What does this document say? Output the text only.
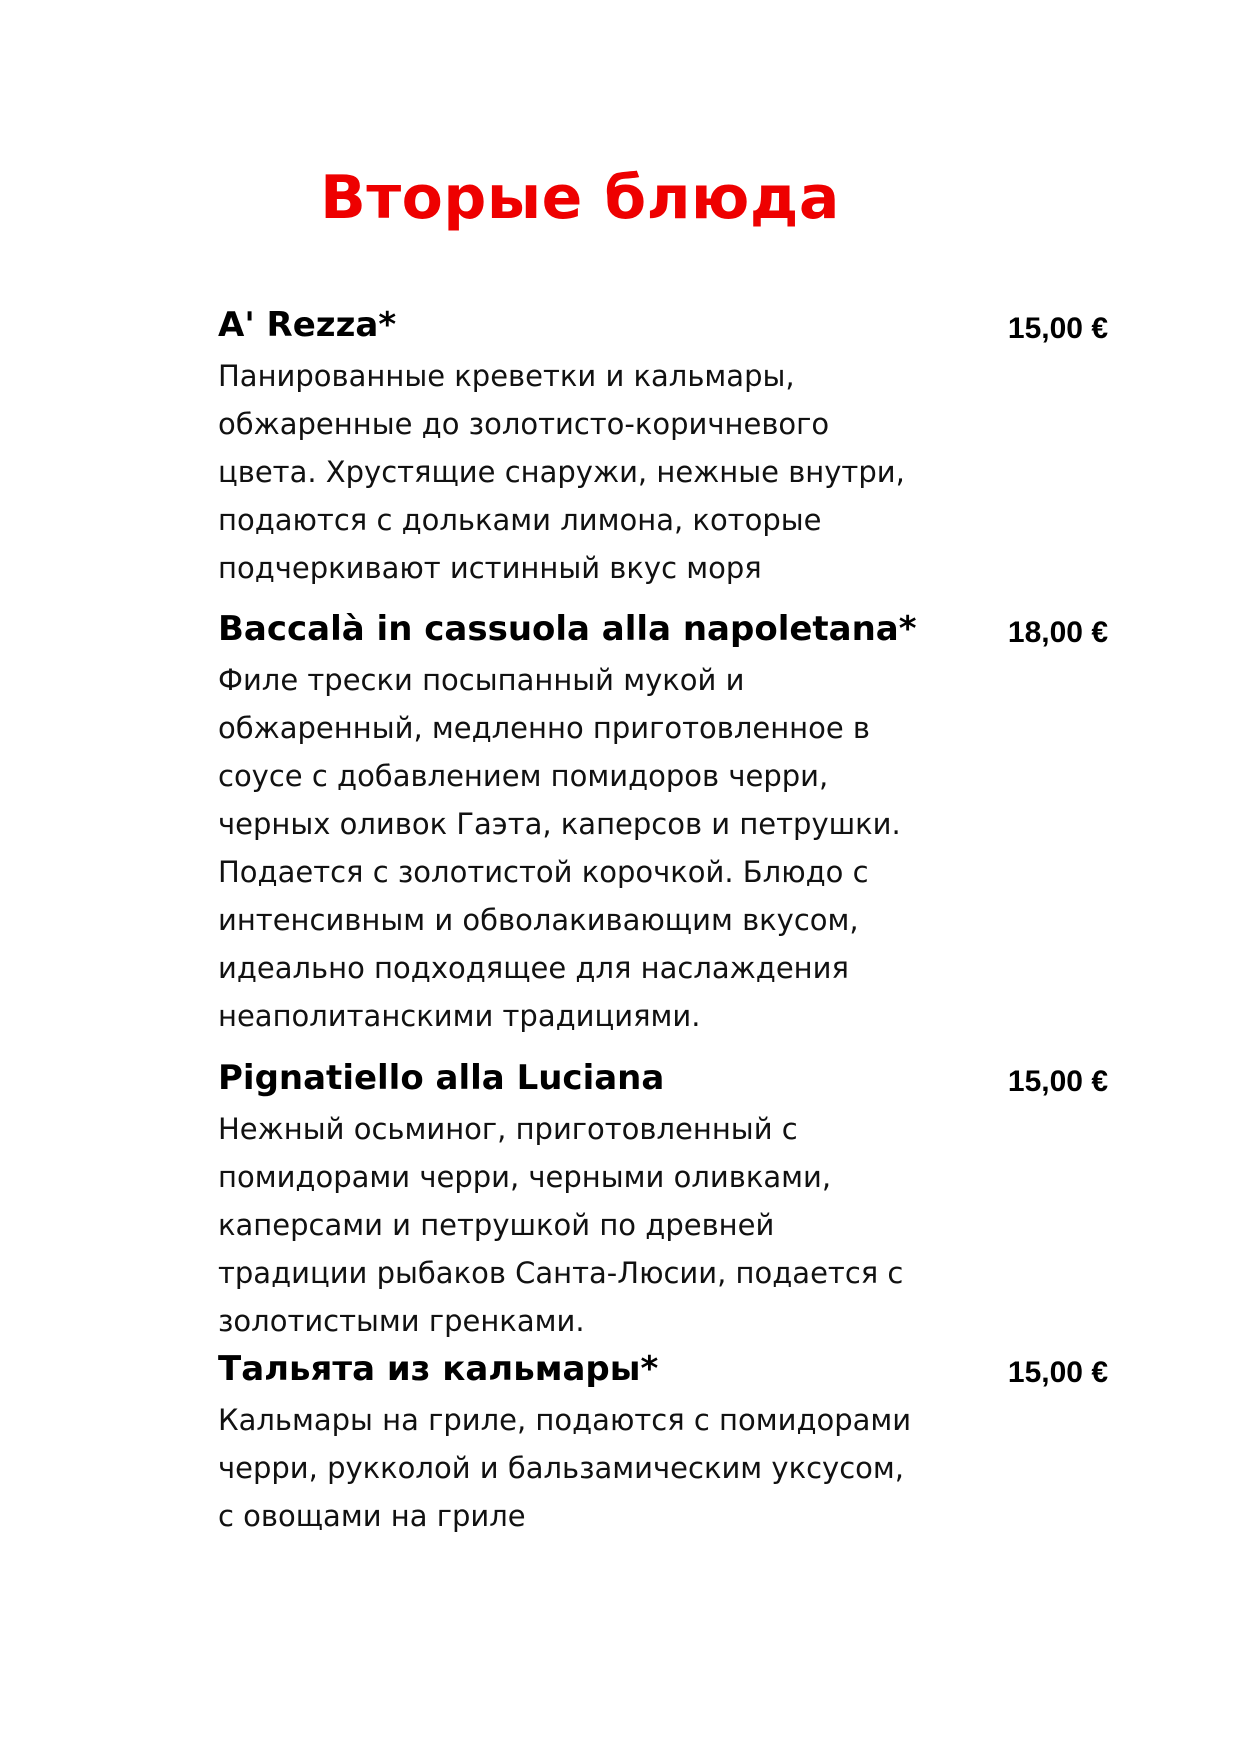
Вторые блюда
A' Rezza*	15,00 €
Панированные креветки и кальмары,
обжаренные до золотисто-коричневого
цвета. Хрустящие снаружи, нежные внутри,
подаются с дольками лимона, которые
подчеркивают истинный вкус моря
Baccalà in cassuola alla napoletana*	18,00 €
Филе трески посыпанный мукой и
обжаренный, медленно приготовленное в
соусе с добавлением помидоров черри,
черных оливок Гаэта, каперсов и петрушки.
Подается с золотистой корочкой. Блюдо с
интенсивным и обволакивающим вкусом,
идеально подходящее для наслаждения
неаполитанскими традициями.
Pignatiello alla Luciana	15,00 €
Нежный осьминог, приготовленный с
помидорами черри, черными оливками,
каперсами и петрушкой по древней
традиции рыбаков Санта-Люсии, подается с
золотистыми гренками.
Тальята из кальмары*	15,00 €
Кальмары на гриле, подаются с помидорами
черри, рукколой и бальзамическим уксусом,
с овощами на гриле
